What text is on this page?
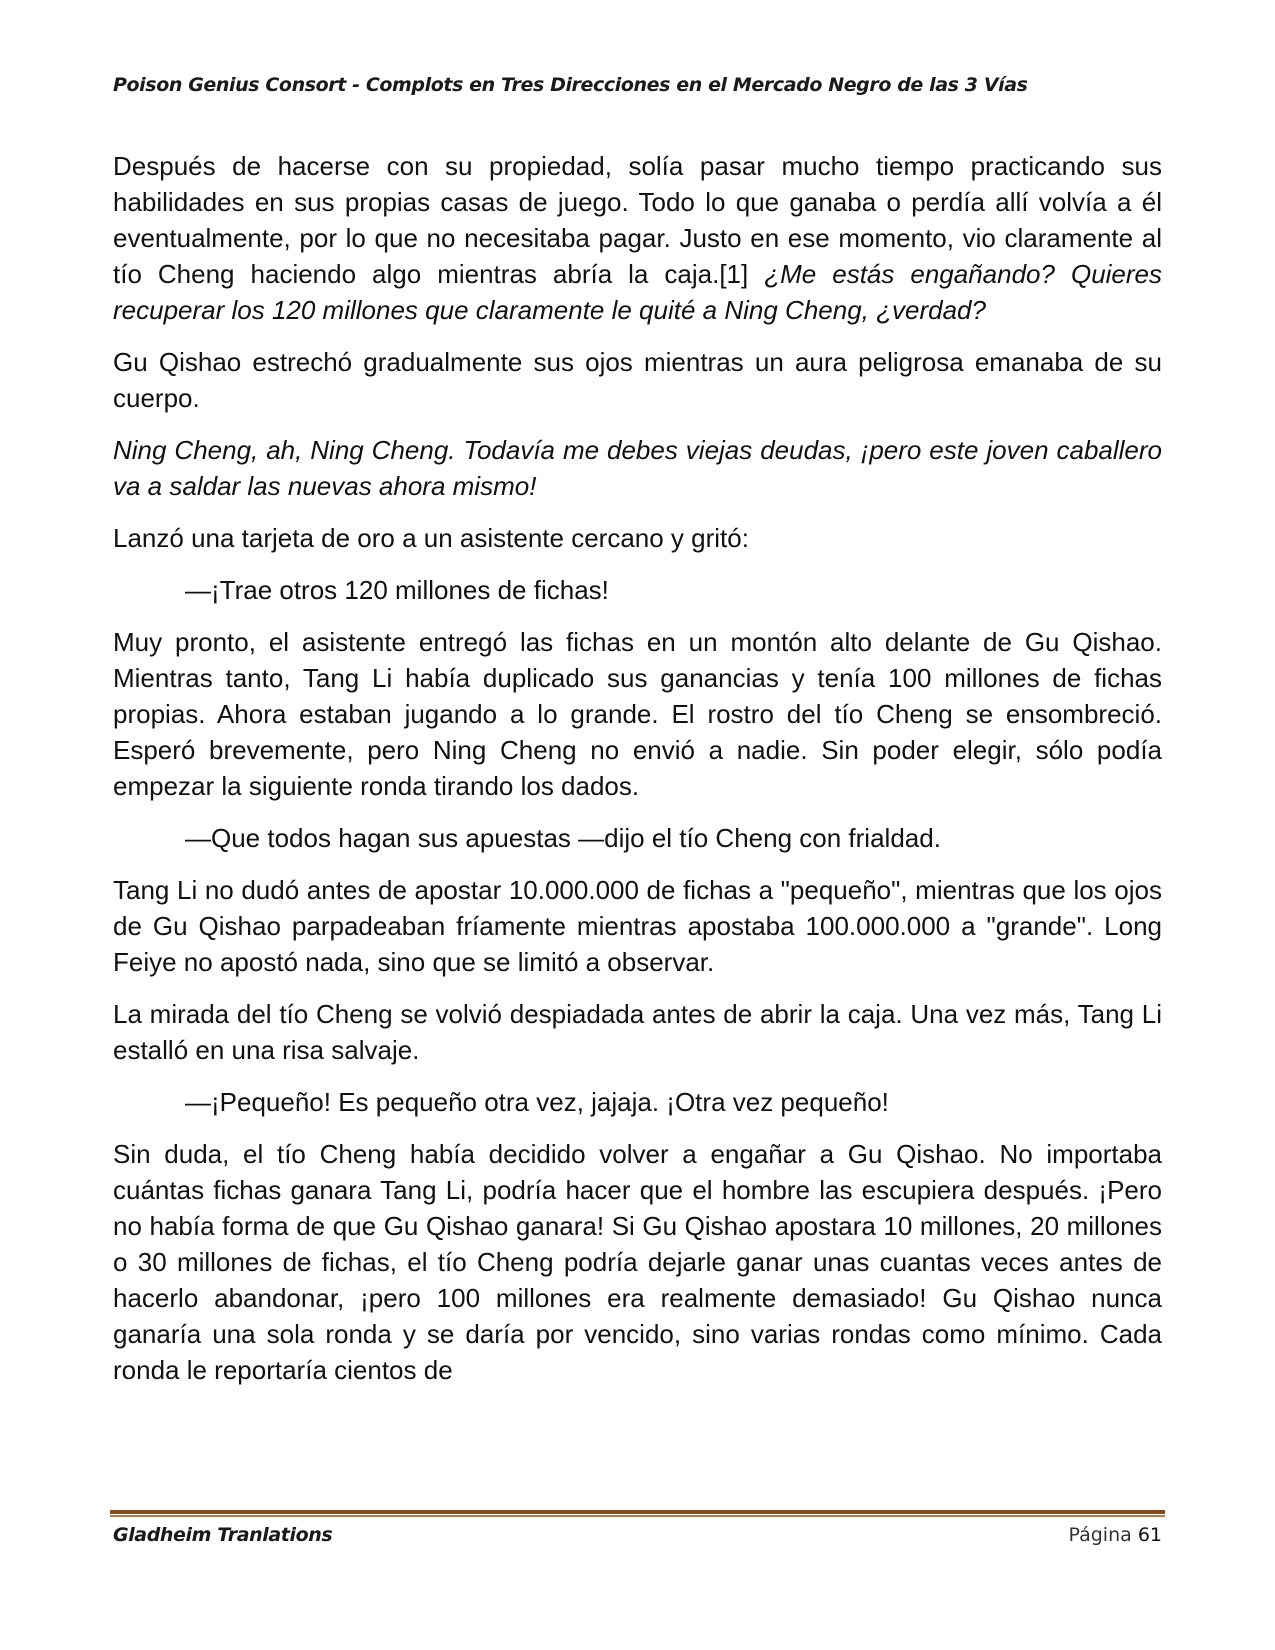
Poison Genius Consort - Complots en Tres Direcciones en el Mercado Negro de las 3 Vías

Después de hacerse con su propiedad, solía pasar mucho tiempo practicando sus habilidades en sus propias casas de juego. Todo lo que ganaba o perdía allí volvía a él eventualmente, por lo que no necesitaba pagar. Justo en ese momento, vio claramente al tío Cheng haciendo algo mientras abría la caja.[1] ¿Me estás engañando? Quieres recuperar los 120 millones que claramente le quité a Ning Cheng, ¿verdad?

Gu Qishao estrechó gradualmente sus ojos mientras un aura peligrosa emanaba de su cuerpo.

Ning Cheng, ah, Ning Cheng. Todavía me debes viejas deudas, ¡pero este joven caballero va a saldar las nuevas ahora mismo!

Lanzó una tarjeta de oro a un asistente cercano y gritó:

—¡Trae otros 120 millones de fichas!

Muy pronto, el asistente entregó las fichas en un montón alto delante de Gu Qishao. Mientras tanto, Tang Li había duplicado sus ganancias y tenía 100 millones de fichas propias. Ahora estaban jugando a lo grande. El rostro del tío Cheng se ensombreció. Esperó brevemente, pero Ning Cheng no envió a nadie. Sin poder elegir, sólo podía empezar la siguiente ronda tirando los dados.

—Que todos hagan sus apuestas —dijo el tío Cheng con frialdad.

Tang Li no dudó antes de apostar 10.000.000 de fichas a "pequeño", mientras que los ojos de Gu Qishao parpadeaban fríamente mientras apostaba 100.000.000 a "grande". Long Feiye no apostó nada, sino que se limitó a observar.

La mirada del tío Cheng se volvió despiadada antes de abrir la caja. Una vez más, Tang Li estalló en una risa salvaje.

—¡Pequeño! Es pequeño otra vez, jajaja. ¡Otra vez pequeño!

Sin duda, el tío Cheng había decidido volver a engañar a Gu Qishao. No importaba cuántas fichas ganara Tang Li, podría hacer que el hombre las escupiera después. ¡Pero no había forma de que Gu Qishao ganara! Si Gu Qishao apostara 10 millones, 20 millones o 30 millones de fichas, el tío Cheng podría dejarle ganar unas cuantas veces antes de hacerlo abandonar, ¡pero 100 millones era realmente demasiado! Gu Qishao nunca ganaría una sola ronda y se daría por vencido, sino varias rondas como mínimo. Cada ronda le reportaría cientos de

Gladheim Tranlations	Página 61
